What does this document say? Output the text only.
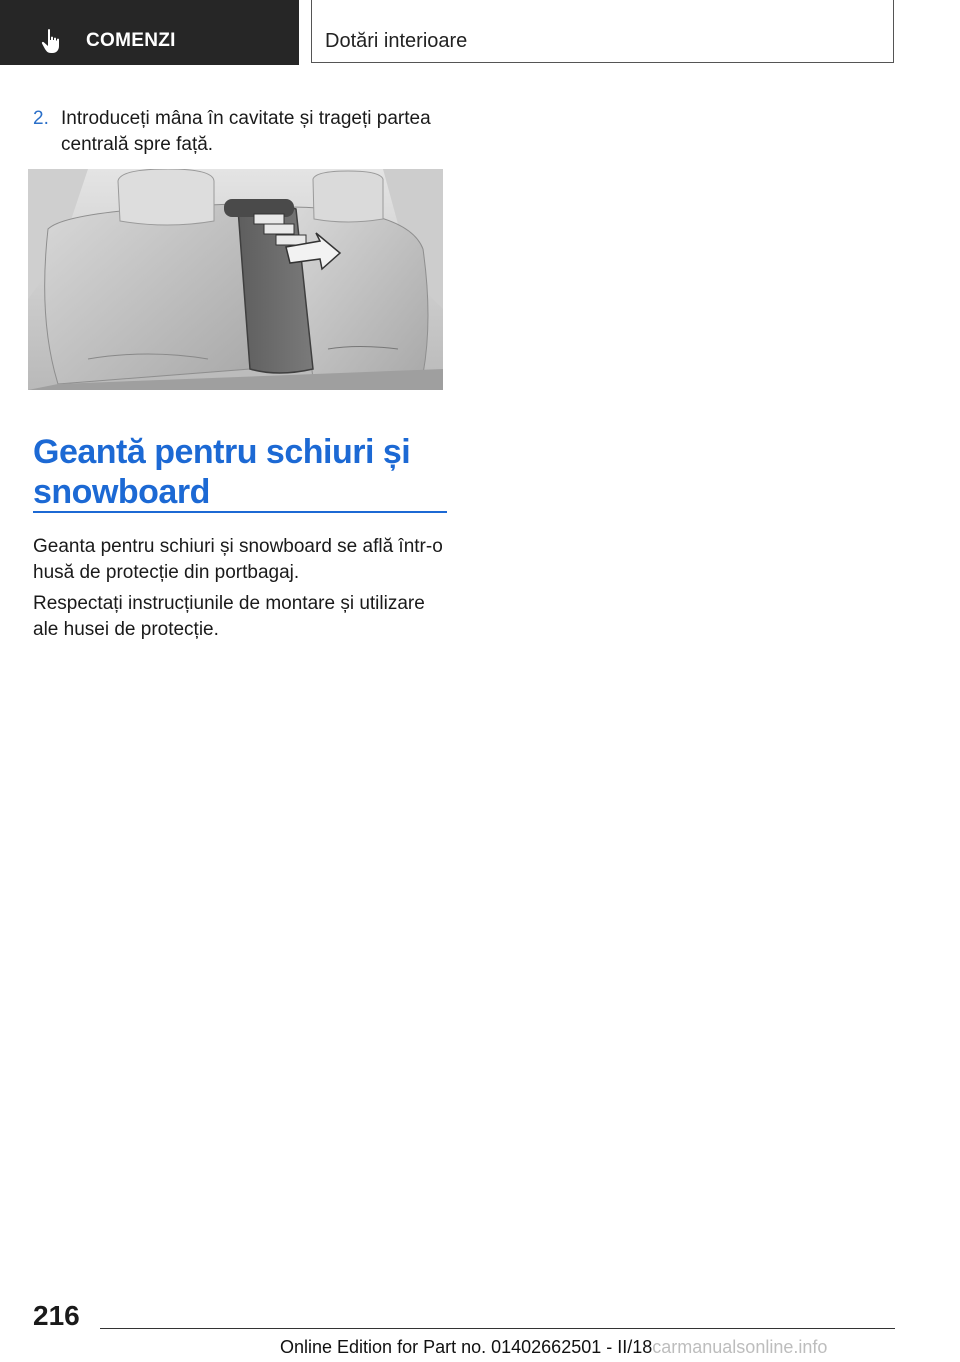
COMENZI	Dotări interioare
2. Introduceți mâna în cavitate și trageți partea centrală spre față.
Geantă pentru schiuri și snowboard
Geanta pentru schiuri și snowboard se află într-o husă de protecție din portbagaj.
Respectați instrucțiunile de montare și utilizare ale husei de protecție.
216
Online Edition for Part no. 01402662501 - II/18carmanualsonline.info
